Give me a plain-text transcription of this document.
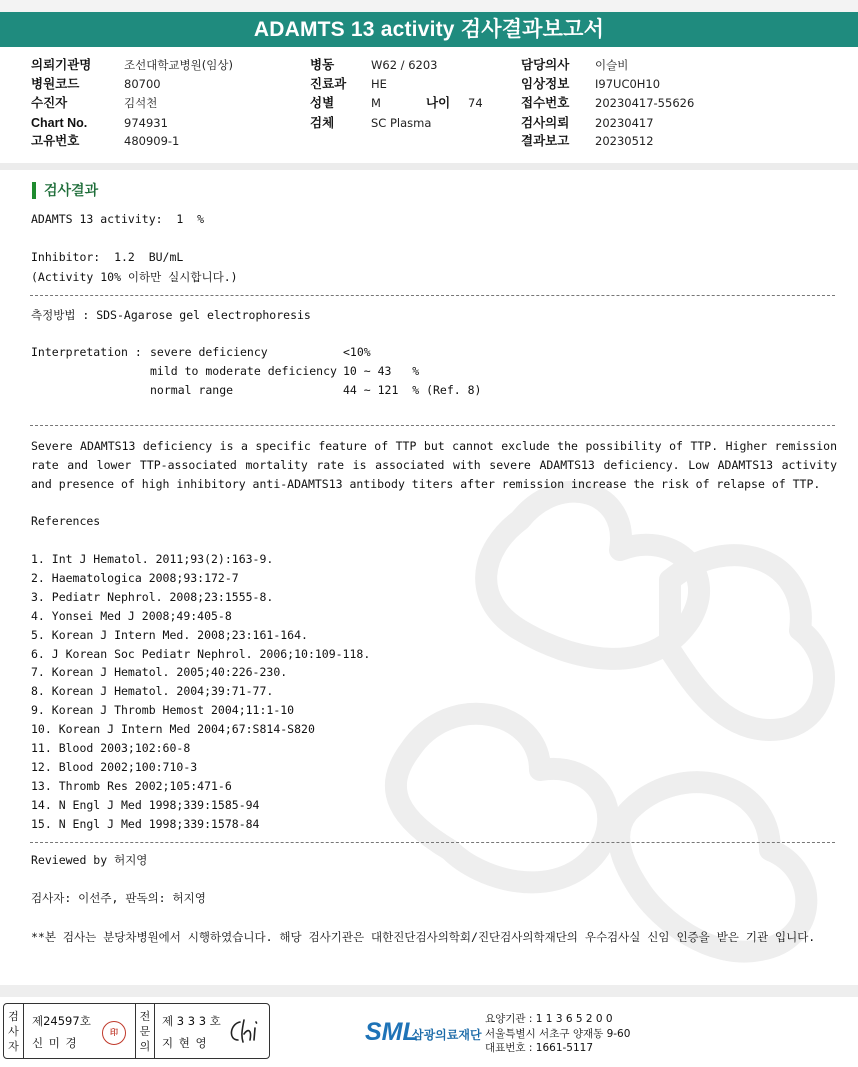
ADAMTS 13 activity 검사결과보고서
의뢰기관명	조선대학교병원(임상)
병원코드	80700
수진자	김석천
Chart No.	974931
고유번호	480909-1
병동	W62 / 6203
진료과 HE
성별	M
검체	SC Plasma
나이 74
담당의사 이슬비
임상정보 I97UC0H10
접수번호 20230417-55626
검사의뢰 20230417
결과보고 20230512
검사결과
ADAMTS 13 activity:  1  %
Inhibitor:  1.2  BU/mL
(Activity 10% 이하만 실시합니다.)
측정방법 : SDS-Agarose gel electrophoresis
Interpretation : severe deficiency	<10%
mild to moderate deficiency 10 ~ 43   %
normal range	44 ~ 121  % (Ref. 8)
Severe ADAMTS13 deficiency is a specific feature of TTP but cannot exclude the possibility of TTP. Higher remission rate and lower TTP-associated mortality rate is associated with severe ADAMTS13 deficiency. Low ADAMTS13 activity and presence of high inhibitory anti-ADAMTS13 antibody titers after remission increase the risk of relapse of TTP.
References
1. Int J Hematol. 2011;93(2):163-9.
2. Haematologica 2008;93:172-7
3. Pediatr Nephrol. 2008;23:1555-8.
4. Yonsei Med J 2008;49:405-8
5. Korean J Intern Med. 2008;23:161-164.
6. J Korean Soc Pediatr Nephrol. 2006;10:109-118.
7. Korean J Hematol. 2005;40:226-230.
8. Korean J Hematol. 2004;39:71-77.
9. Korean J Thromb Hemost 2004;11:1-10
10. Korean J Intern Med 2004;67:S814-S820
11. Blood 2003;102:60-8
12. Blood 2002;100:710-3
13. Thromb Res 2002;105:471-6
14. N Engl J Med 1998;339:1585-94
15. N Engl J Med 1998;339:1578-84
Reviewed by 허지영
검사자: 이선주, 판독의: 허지영
**본 검사는 분당차병원에서 시행하였습니다. 해당 검사기관은 대한진단검사의학회/진단검사의학재단의 우수검사실 신임 인증을 받은 기관 입니다.
검
사
자
제24597호
신 미 경
印
전
문
의
제 3 3 3 호
지 현 영	SML
삼광의료재단
요양기관 : 1 1 3 6 5 2 0 0
서울특별시 서초구 양재동 9-60
대표번호 : 1661-5117
